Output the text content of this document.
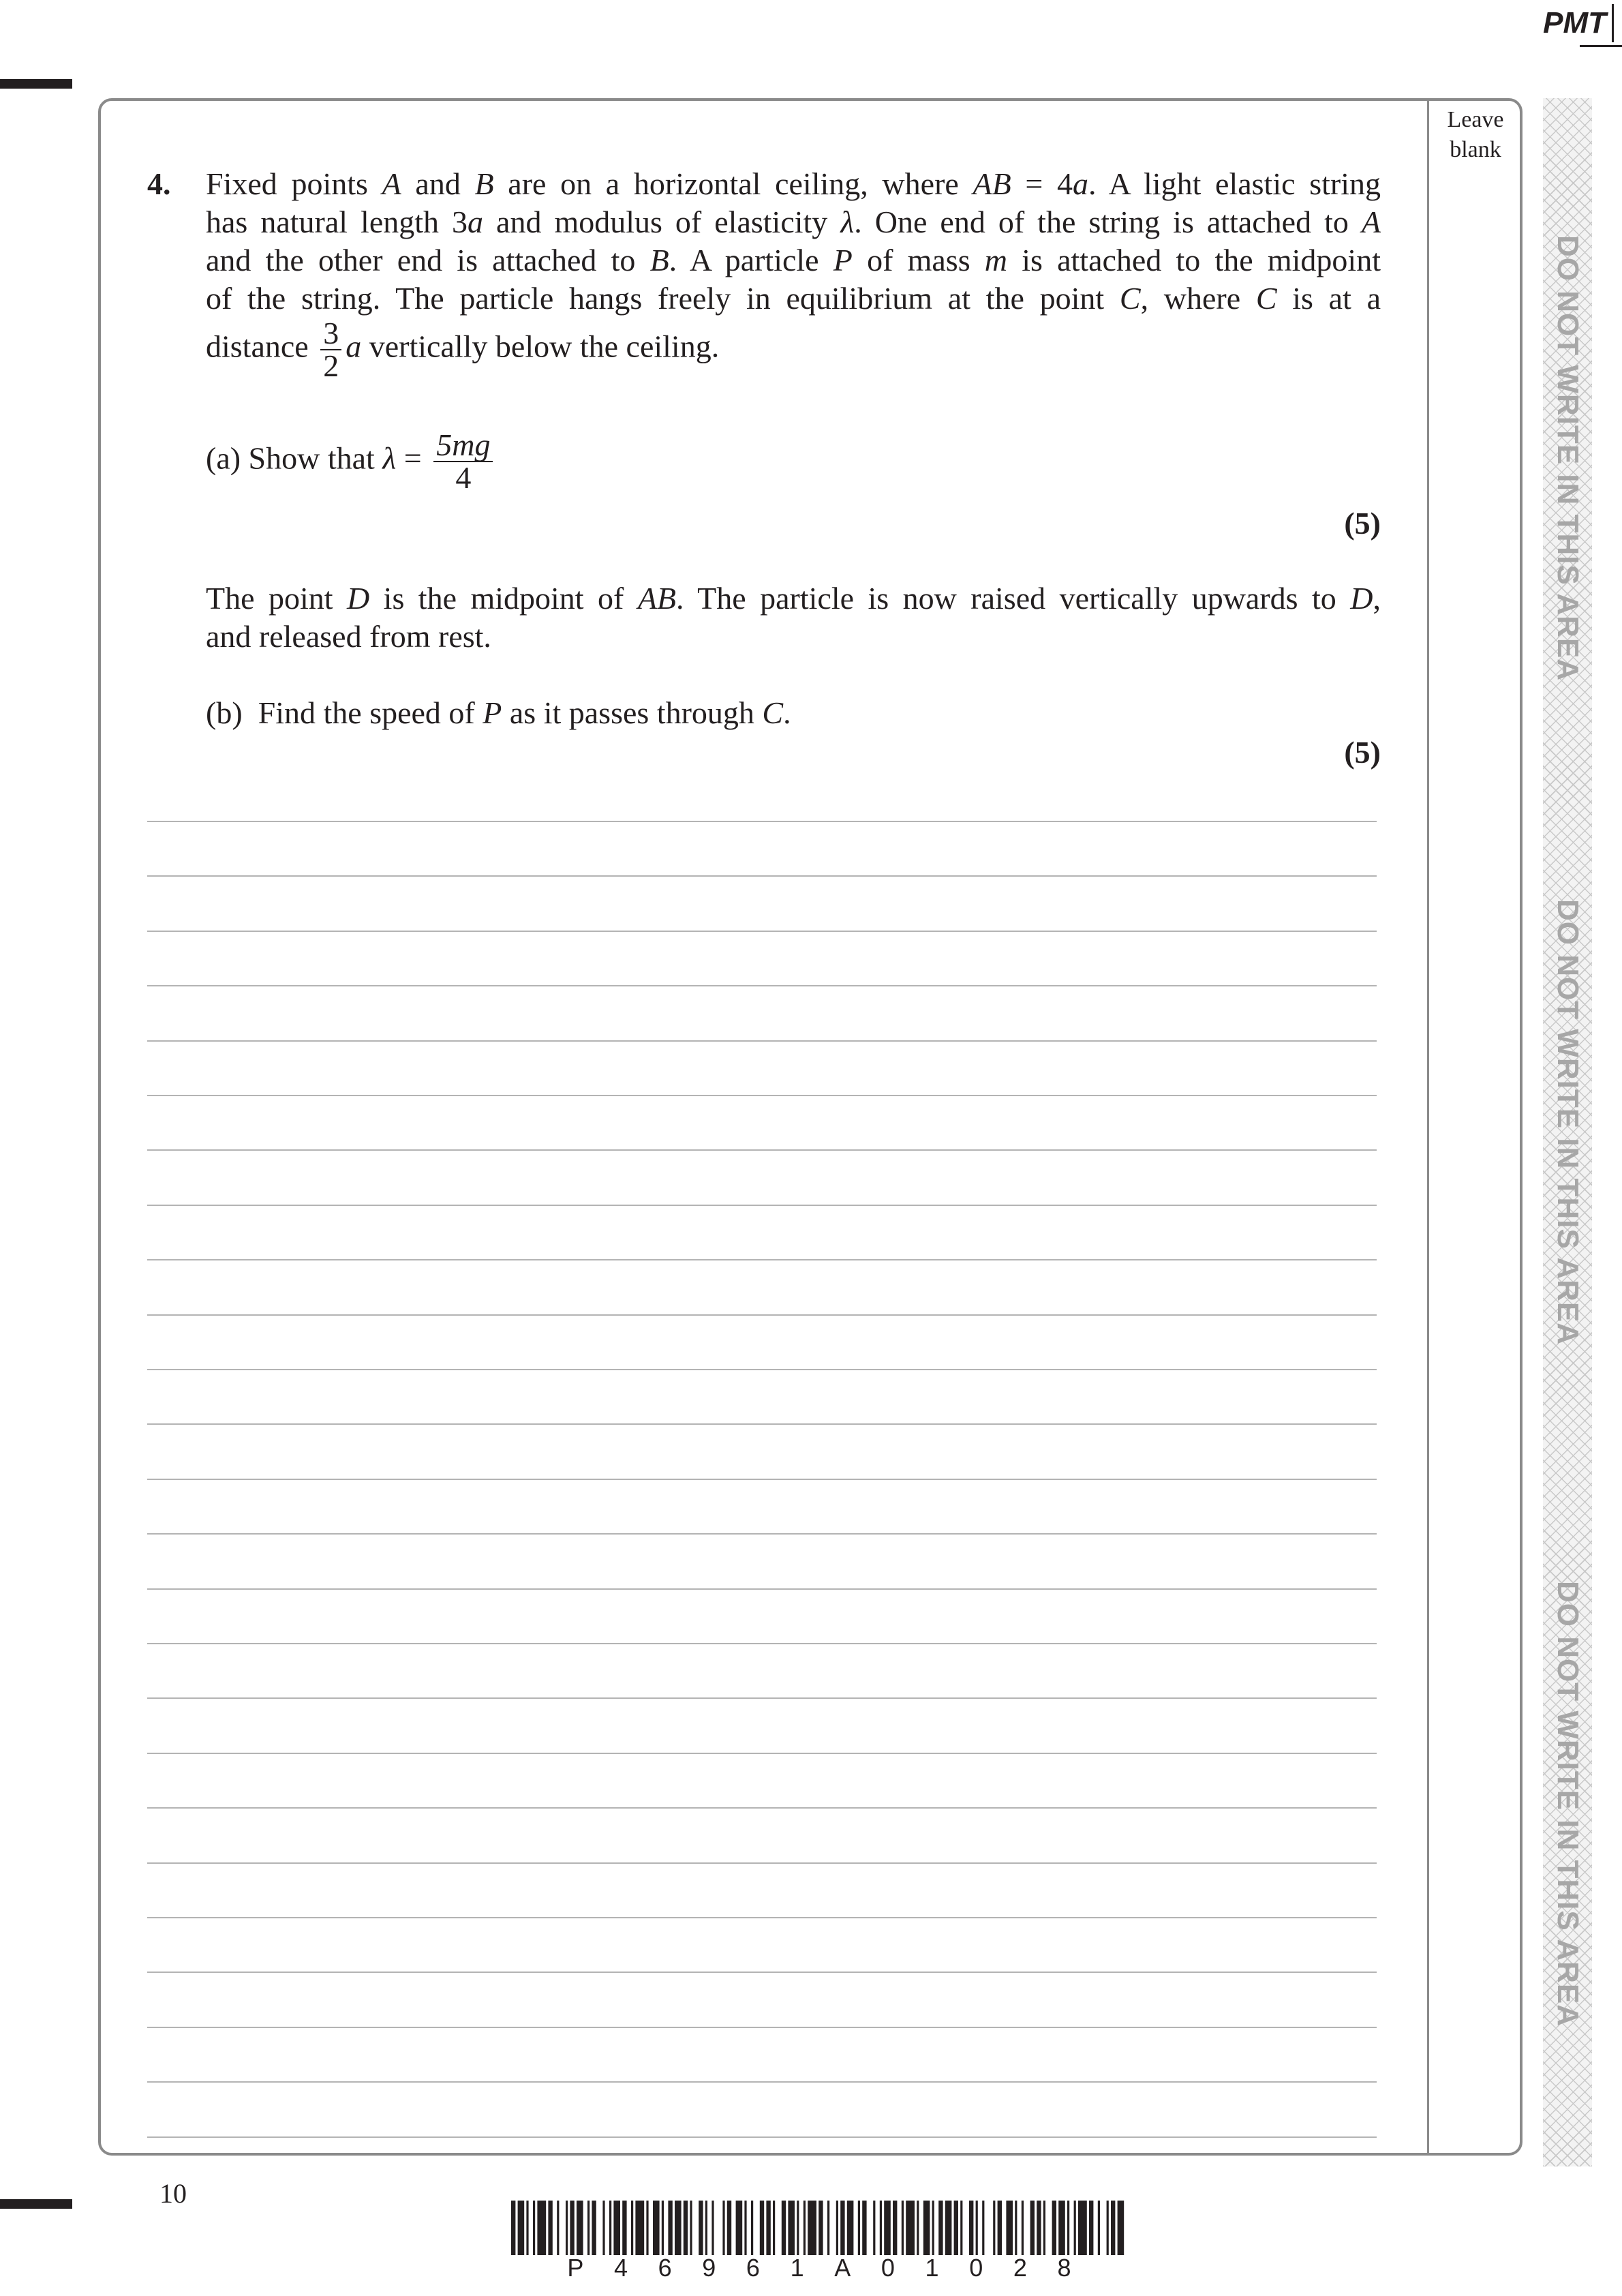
PMT
Leave blank
DO NOT WRITE IN THIS AREA
DO NOT WRITE IN THIS AREA
DO NOT WRITE IN THIS AREA
4. Fixed points A and B are on a horizontal ceiling, where AB = 4a. A light elastic string
has natural length 3a and modulus of elasticity λ. One end of the string is attached to A
and the other end is attached to B. A particle P of mass m is attached to the midpoint
of the string. The particle hangs freely in equilibrium at the point C, where C is at a
distance $\frac{3}{2}$ a vertically below the ceiling.
(a) Show that $\lambda = \frac{5mg}{4}$
(5)
The point D is the midpoint of AB. The particle is now raised vertically upwards to D,
and released from rest.
(b)  Find the speed of P as it passes through C.
(5)
10
P 4 6 9 6 1 A 0 1 0 2 8
